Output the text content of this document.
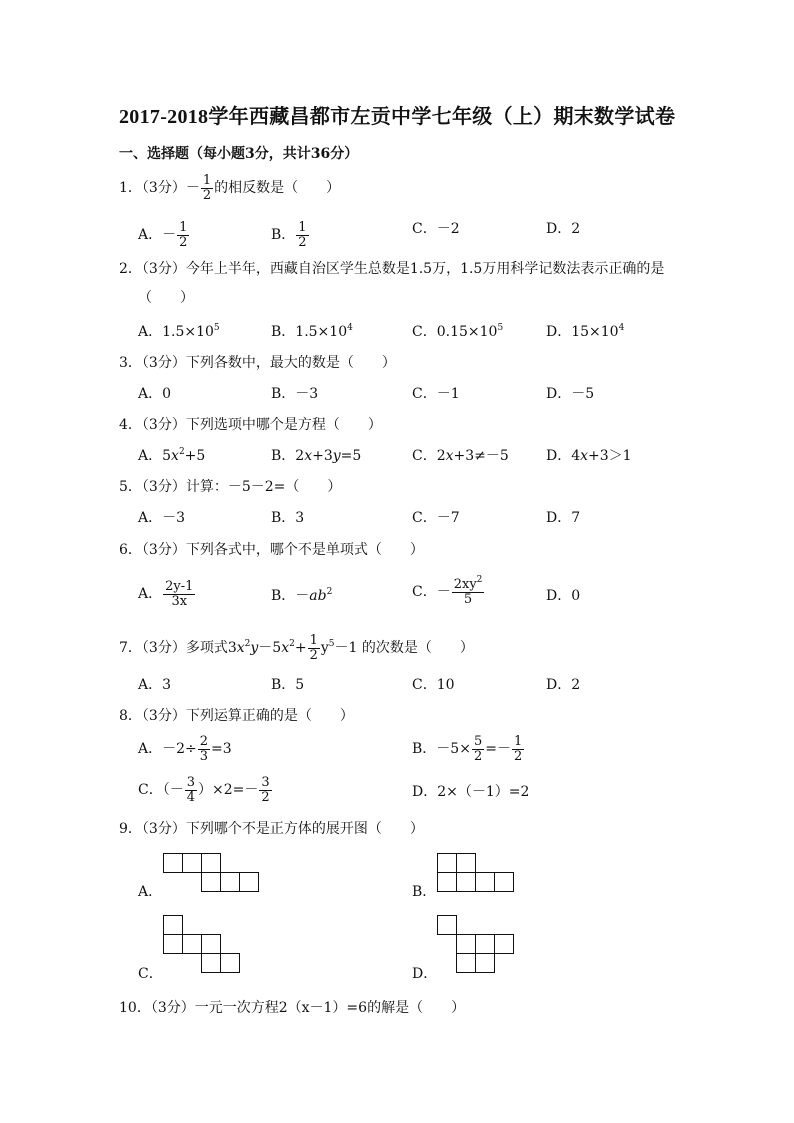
2017-2018学年西藏昌都市左贡中学七年级（上）期末数学试卷
一、选择题（每小题3分，共计36分）
1．（3分）－ $\frac{1}{2}$ 的相反数是（　　）
A．－ $\frac{1}{2}$	B． $\frac{1}{2}$	C．－2	D．2
2．（3分）今年上半年，西藏自治区学生总数是1.5万，1.5万用科学记数法表示正确的是
（　　）
A．$1.5\times 10^5$	B．$1.5\times 10^4$	C．$0.15\times 10^5$	D．$15\times 10^4$
3．（3分）下列各数中，最大的数是（　　）
A．0	B．－3	C．－1	D．－5
4．（3分）下列选项中哪个是方程（　　）
A．$5x^2+5$	B．2x+3y=5	C．2x+3≠－5	D．4x+3＞1
5．（3分）计算：－5－2=（　　）
A．－3	B．3	C．－7	D．7
6．（3分）下列各式中，哪个不是单项式（　　）
A． $\frac{2y-1}{3x}$	B．$-ab^2$	C．－ $\frac{2xy^2}{5}$	D．0
7．（3分）多项式$3x^2y-5x^2+ \frac{1}{2} y^5-1$ 的次数是（　　）
A．3	B．5	C．10	D．2
8．（3分）下列运算正确的是（　　）
A．$-2\div \frac{2}{3} =3$	B．$-5\times \frac{5}{2} =- \frac{1}{2}$
C．（－ $\frac{3}{4} )\times 2=- \frac{3}{2}$	D．2×（－1）=2
9．（3分）下列哪个不是正方体的展开图（　　）
A．	B．
C．	D．
10．（3分）一元一次方程2（x－1）=6的解是（　　）
